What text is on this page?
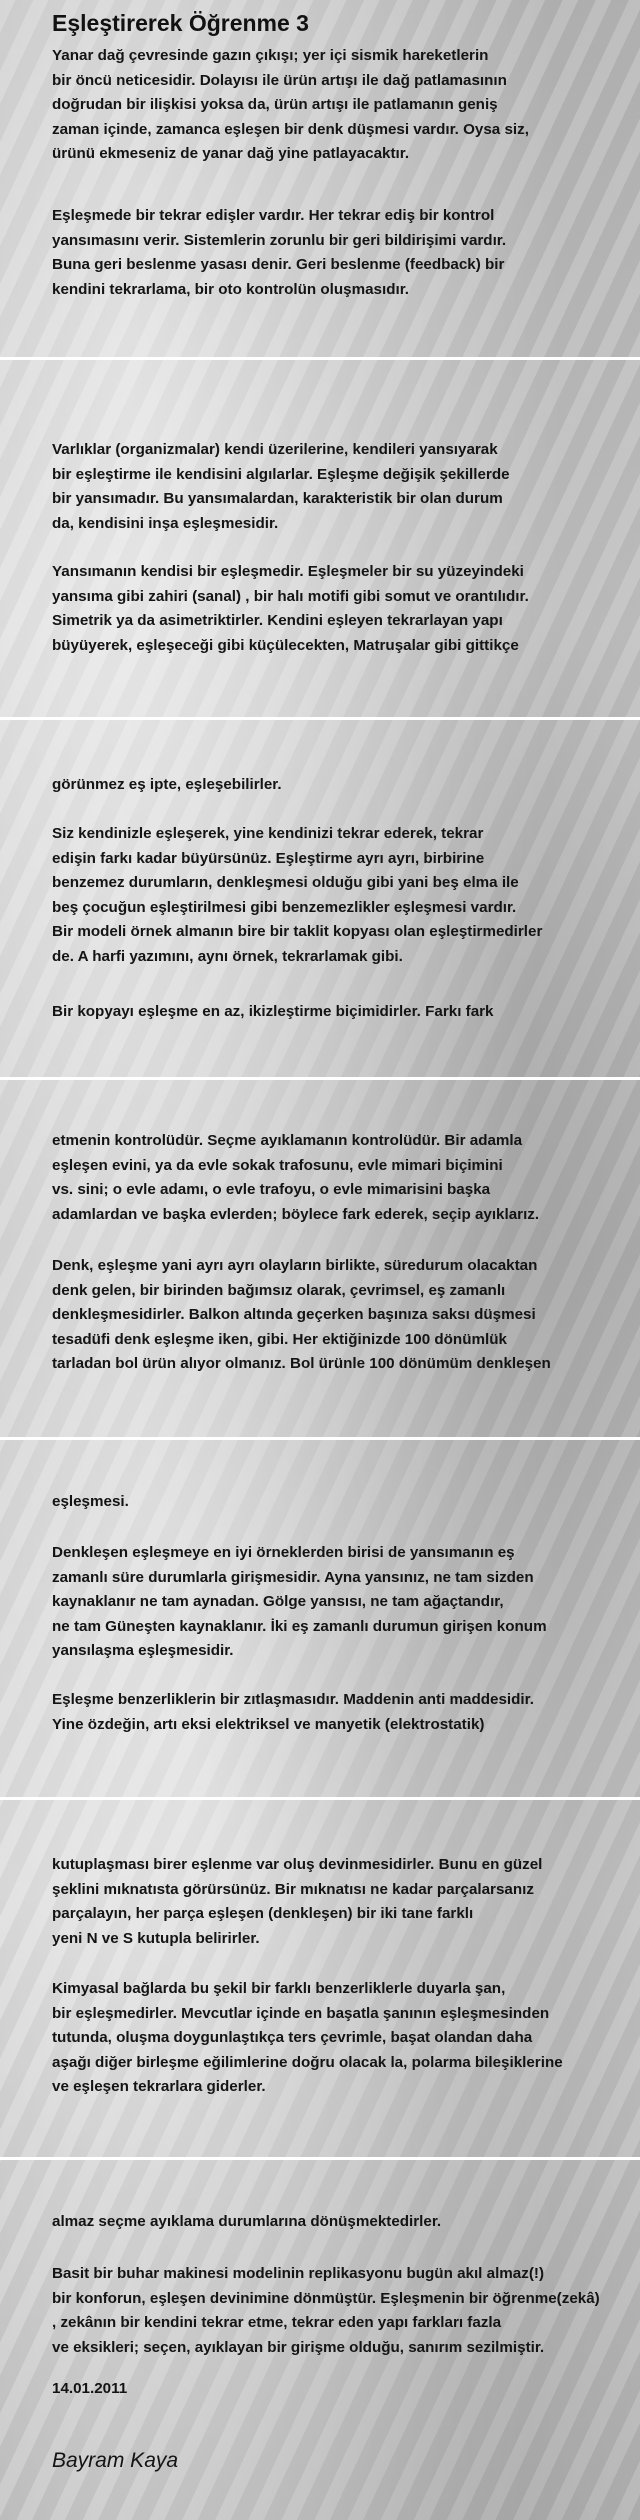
Eşleştirerek Öğrenme 3
Yanar dağ çevresinde gazın çıkışı; yer içi sismik hareketlerin
bir öncü neticesidir. Dolayısı ile ürün artışı ile dağ patlamasının
doğrudan bir ilişkisi yoksa da, ürün artışı ile patlamanın geniş
zaman içinde, zamanca eşleşen bir denk düşmesi vardır. Oysa siz,
ürünü ekmeseniz de yanar dağ yine patlayacaktır.
Eşleşmede bir tekrar edişler vardır. Her tekrar ediş bir kontrol
yansımasını verir. Sistemlerin zorunlu bir geri bildirişimi vardır.
Buna geri beslenme yasası denir. Geri beslenme (feedback) bir
kendini tekrarlama, bir oto kontrolün oluşmasıdır.
Varlıklar (organizmalar) kendi üzerilerine, kendileri yansıyarak
bir eşleştirme ile kendisini algılarlar. Eşleşme değişik şekillerde
bir yansımadır. Bu yansımalardan, karakteristik bir olan durum
da, kendisini inşa eşleşmesidir.
Yansımanın kendisi bir eşleşmedir. Eşleşmeler bir su yüzeyindeki
yansıma gibi zahiri (sanal) , bir halı motifi gibi somut ve orantılıdır.
Simetrik ya da asimetriktirler. Kendini eşleyen tekrarlayan yapı
büyüyerek, eşleşeceği gibi küçülecekten, Matruşalar gibi gittikçe
görünmez eş ipte, eşleşebilirler.
Siz kendinizle eşleşerek, yine kendinizi tekrar ederek, tekrar
edişin farkı kadar büyürsünüz. Eşleştirme ayrı ayrı, birbirine
benzemez durumların, denkleşmesi olduğu gibi yani beş elma ile
beş çocuğun eşleştirilmesi gibi benzemezlikler eşleşmesi vardır.
Bir modeli örnek almanın bire bir taklit kopyası olan eşleştirmedirler
de. A harfi yazımını, aynı örnek, tekrarlamak gibi.
Bir kopyayı eşleşme en az, ikizleştirme biçimidirler. Farkı fark
etmenin kontrolüdür. Seçme ayıklamanın kontrolüdür. Bir adamla
eşleşen evini, ya da evle sokak trafosunu, evle mimari biçimini
vs. sini; o evle adamı, o evle trafoyu, o evle mimarisini başka
adamlardan ve başka evlerden; böylece fark ederek, seçip ayıklarız.
Denk, eşleşme yani ayrı ayrı olayların birlikte, süredurum olacaktan
denk gelen, bir birinden bağımsız olarak, çevrimsel, eş zamanlı
denkleşmesidirler. Balkon altında geçerken başınıza saksı düşmesi
tesadüfi denk eşleşme iken, gibi. Her ektiğinizde 100 dönümlük
tarladan bol ürün alıyor olmanız. Bol ürünle 100 dönümüm denkleşen
eşleşmesi.
Denkleşen eşleşmeye en iyi örneklerden birisi de yansımanın eş
zamanlı süre durumlarla girişmesidir. Ayna yansınız, ne tam sizden
kaynaklanır ne tam aynadan. Gölge yansısı, ne tam ağaçtandır,
ne tam Güneşten kaynaklanır. İki eş zamanlı durumun girişen konum
yansılaşma eşleşmesidir.
Eşleşme benzerliklerin bir zıtlaşmasıdır. Maddenin anti maddesidir.
Yine özdeğin, artı eksi elektriksel ve manyetik (elektrostatik)
kutuplaşması birer eşlenme var oluş devinmesidirler. Bunu en güzel
şeklini mıknatısta görürsünüz. Bir mıknatısı ne kadar parçalarsanız
parçalayın, her parça eşleşen (denkleşen) bir iki tane farklı
yeni N ve S kutupla belirirler.
Kimyasal bağlarda bu şekil bir farklı benzerliklerle duyarla şan,
bir eşleşmedirler. Mevcutlar içinde en başatla şanının eşleşmesinden
tutunda, oluşma doygunlaştıkça ters çevrimle, başat olandan daha
aşağı diğer birleşme eğilimlerine doğru olacak la, polarma bileşiklerine
ve eşleşen tekrarlara giderler.
almaz seçme ayıklama durumlarına dönüşmektedirler.
Basit bir buhar makinesi modelinin replikasyonu bugün akıl almaz(!)
bir konforun, eşleşen devinimine dönmüştür. Eşleşmenin bir öğrenme(zekâ)
, zekânın bir kendini tekrar etme, tekrar eden yapı farkları fazla
ve eksikleri; seçen, ayıklayan bir girişme olduğu, sanırım sezilmiştir.

14.01.2011

Bayram Kaya
